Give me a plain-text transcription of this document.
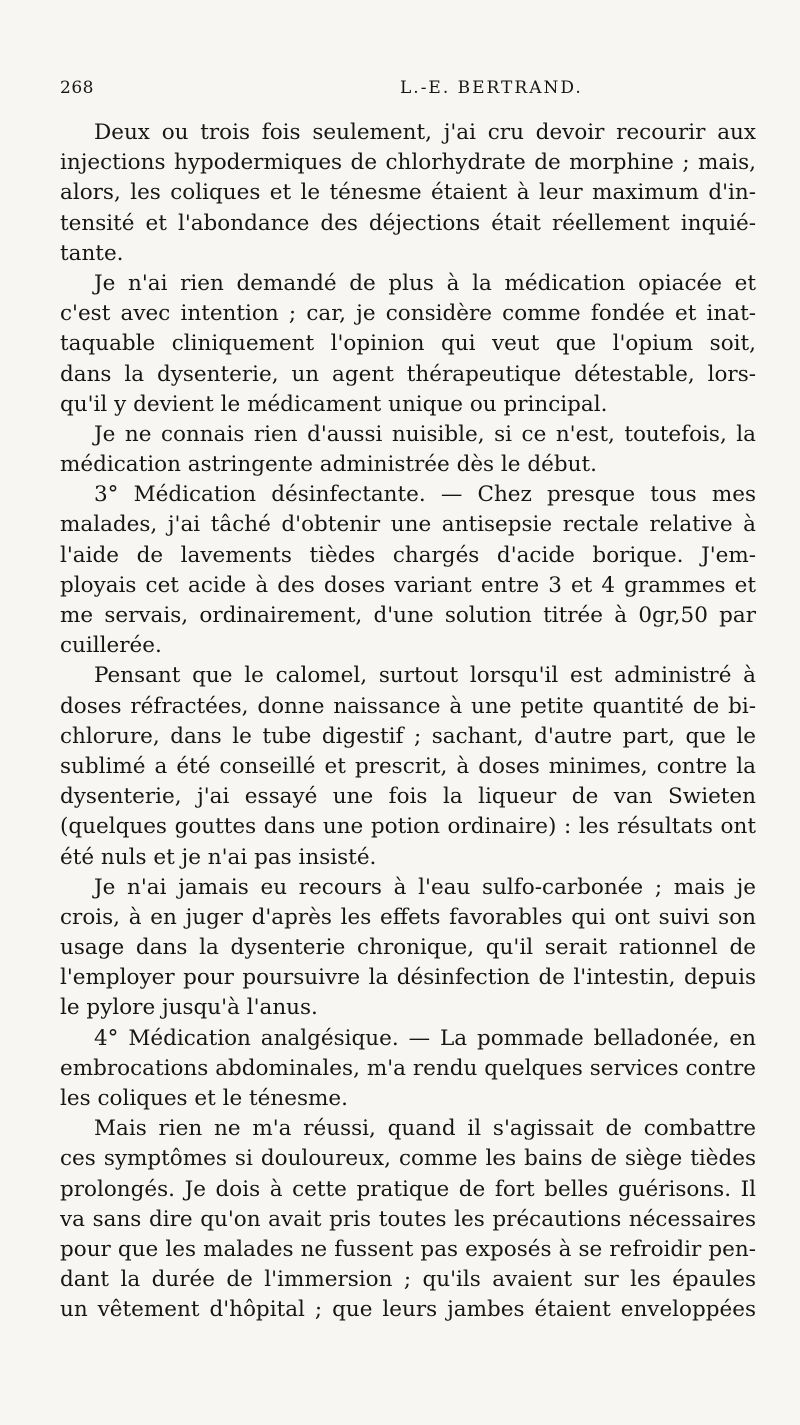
268	L.-E. BERTRAND.
Deux ou trois fois seulement, j'ai cru devoir recourir aux
injections hypodermiques de chlorhydrate de morphine ; mais,
alors, les coliques et le ténesme étaient à leur maximum d'in-
tensité et l'abondance des déjections était réellement inquié-
tante.
Je n'ai rien demandé de plus à la médication opiacée et
c'est avec intention ; car, je considère comme fondée et inat-
taquable cliniquement l'opinion qui veut que l'opium soit,
dans la dysenterie, un agent thérapeutique détestable, lors-
qu'il y devient le médicament unique ou principal.
Je ne connais rien d'aussi nuisible, si ce n'est, toutefois, la
médication astringente administrée dès le début.
3° Médication désinfectante. — Chez presque tous mes
malades, j'ai tâché d'obtenir une antisepsie rectale relative à
l'aide de lavements tièdes chargés d'acide borique. J'em-
ployais cet acide à des doses variant entre 3 et 4 grammes et
me servais, ordinairement, d'une solution titrée à 0gr,50 par
cuillerée.
Pensant que le calomel, surtout lorsqu'il est administré à
doses réfractées, donne naissance à une petite quantité de bi-
chlorure, dans le tube digestif ; sachant, d'autre part, que le
sublimé a été conseillé et prescrit, à doses minimes, contre la
dysenterie, j'ai essayé une fois la liqueur de van Swieten
(quelques gouttes dans une potion ordinaire) : les résultats ont
été nuls et je n'ai pas insisté.
Je n'ai jamais eu recours à l'eau sulfo-carbonée ; mais je
crois, à en juger d'après les effets favorables qui ont suivi son
usage dans la dysenterie chronique, qu'il serait rationnel de
l'employer pour poursuivre la désinfection de l'intestin, depuis
le pylore jusqu'à l'anus.
4° Médication analgésique. — La pommade belladonée, en
embrocations abdominales, m'a rendu quelques services contre
les coliques et le ténesme.
Mais rien ne m'a réussi, quand il s'agissait de combattre
ces symptômes si douloureux, comme les bains de siège tièdes
prolongés. Je dois à cette pratique de fort belles guérisons. Il
va sans dire qu'on avait pris toutes les précautions nécessaires
pour que les malades ne fussent pas exposés à se refroidir pen-
dant la durée de l'immersion ; qu'ils avaient sur les épaules
un vêtement d'hôpital ; que leurs jambes étaient enveloppées
